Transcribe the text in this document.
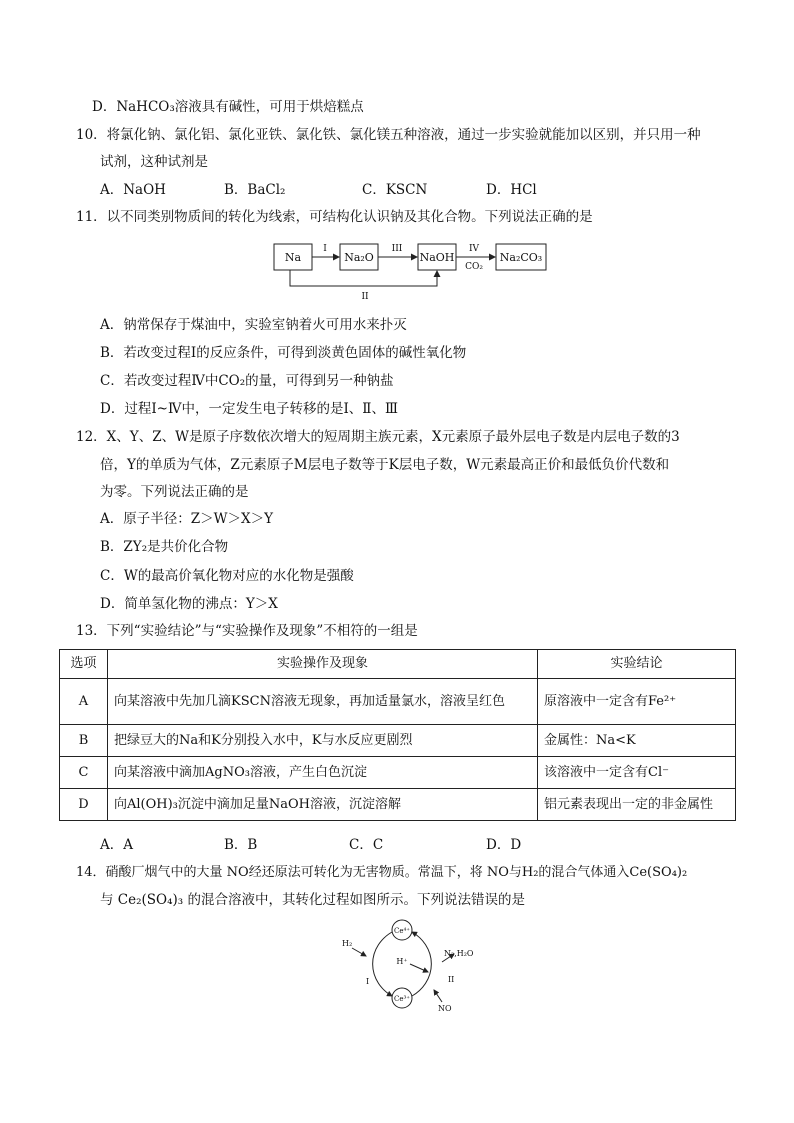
D．NaHCO₃溶液具有碱性，可用于烘焙糕点
10．将氯化钠、氯化铝、氯化亚铁、氯化铁、氯化镁五种溶液，通过一步实验就能加以区别，并只用一种
试剂，这种试剂是
A．NaOH	B．BaCl₂	C．KSCN	D．HCl
11．以不同类别物质间的转化为线索，可结构化认识钠及其化合物。下列说法正确的是
Na	Na₂O	NaOH	Na₂CO₃
I	III	IV
CO₂
II
A．钠常保存于煤油中，实验室钠着火可用水来扑灭
B．若改变过程Ⅰ的反应条件，可得到淡黄色固体的碱性氧化物
C．若改变过程Ⅳ中CO₂的量，可得到另一种钠盐
D．过程Ⅰ~Ⅳ中，一定发生电子转移的是Ⅰ、Ⅱ、Ⅲ
12．X、Y、Z、W是原子序数依次增大的短周期主族元素，X元素原子最外层电子数是内层电子数的3
倍，Y的单质为气体，Z元素原子M层电子数等于K层电子数，W元素最高正价和最低负价代数和
为零。下列说法正确的是
A．原子半径：Z＞W＞X＞Y
B．ZY₂是共价化合物
C．W的最高价氧化物对应的水化物是强酸
D．简单氢化物的沸点：Y＞X
13．下列“实验结论”与“实验操作及现象”不相符的一组是
选项	实验操作及现象	实验结论
A	向某溶液中先加几滴KSCN溶液无现象，再加适量氯水，溶液呈红色	原溶液中一定含有Fe²⁺
B	把绿豆大的Na和K分别投入水中，K与水反应更剧烈	金属性：Na<K
C	向某溶液中滴加AgNO₃溶液，产生白色沉淀	该溶液中一定含有Cl⁻
D	向Al(OH)₃沉淀中滴加足量NaOH溶液，沉淀溶解	铝元素表现出一定的非金属性
A．A	B．B	C．C	D．D
14．硝酸厂烟气中的大量 NO经还原法可转化为无害物质。常温下，将 NO与H₂的混合气体通入Ce(SO₄)₂
与 Ce₂(SO₄)₃ 的混合溶液中，其转化过程如图所示。下列说法错误的是
Ce⁴⁺
Ce³⁺
H₂
H⁺
N₂,H₂O
II
I
NO
